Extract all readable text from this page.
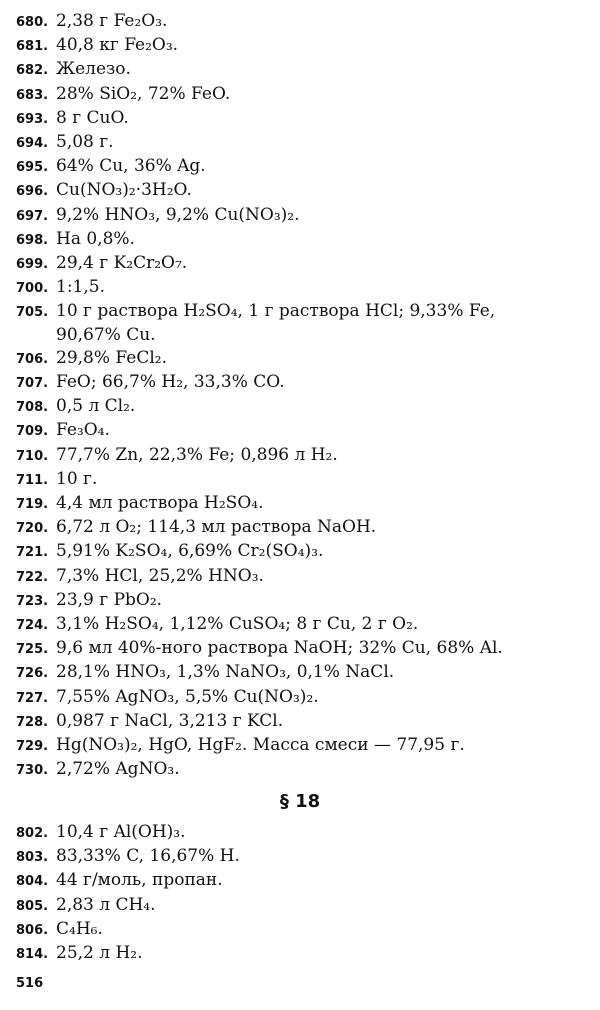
680. 2,38 г Fe₂O₃.
681. 40,8 кг Fe₂O₃.
682. Железо.
683. 28% SiO₂, 72% FeO.
693. 8 г CuO.
694. 5,08 г.
695. 64% Cu, 36% Ag.
696. Cu(NO₃)₂·3H₂O.
697. 9,2% HNO₃, 9,2% Cu(NO₃)₂.
698. На 0,8%.
699. 29,4 г K₂Cr₂O₇.
700. 1:1,5.
705. 10 г раствора H₂SO₄, 1 г раствора HCl; 9,33% Fe,
90,67% Cu.
706. 29,8% FeCl₂.
707. FeO; 66,7% H₂, 33,3% CO.
708. 0,5 л Cl₂.
709. Fe₃O₄.
710. 77,7% Zn, 22,3% Fe; 0,896 л H₂.
711. 10 г.
719. 4,4 мл раствора H₂SO₄.
720. 6,72 л O₂; 114,3 мл раствора NaOH.
721. 5,91% K₂SO₄, 6,69% Cr₂(SO₄)₃.
722. 7,3% HCl, 25,2% HNO₃.
723. 23,9 г PbO₂.
724. 3,1% H₂SO₄, 1,12% CuSO₄; 8 г Cu, 2 г O₂.
725. 9,6 мл 40%-ного раствора NaOH; 32% Cu, 68% Al.
726. 28,1% HNO₃, 1,3% NaNO₃, 0,1% NaCl.
727. 7,55% AgNO₃, 5,5% Cu(NO₃)₂.
728. 0,987 г NaCl, 3,213 г KCl.
729. Hg(NO₃)₂, HgO, HgF₂. Масса смеси — 77,95 г.
730. 2,72% AgNO₃.
§ 18
802. 10,4 г Al(OH)₃.
803. 83,33% C, 16,67% H.
804. 44 г/моль, пропан.
805. 2,83 л CH₄.
806. C₄H₆.
814. 25,2 л H₂.
516
